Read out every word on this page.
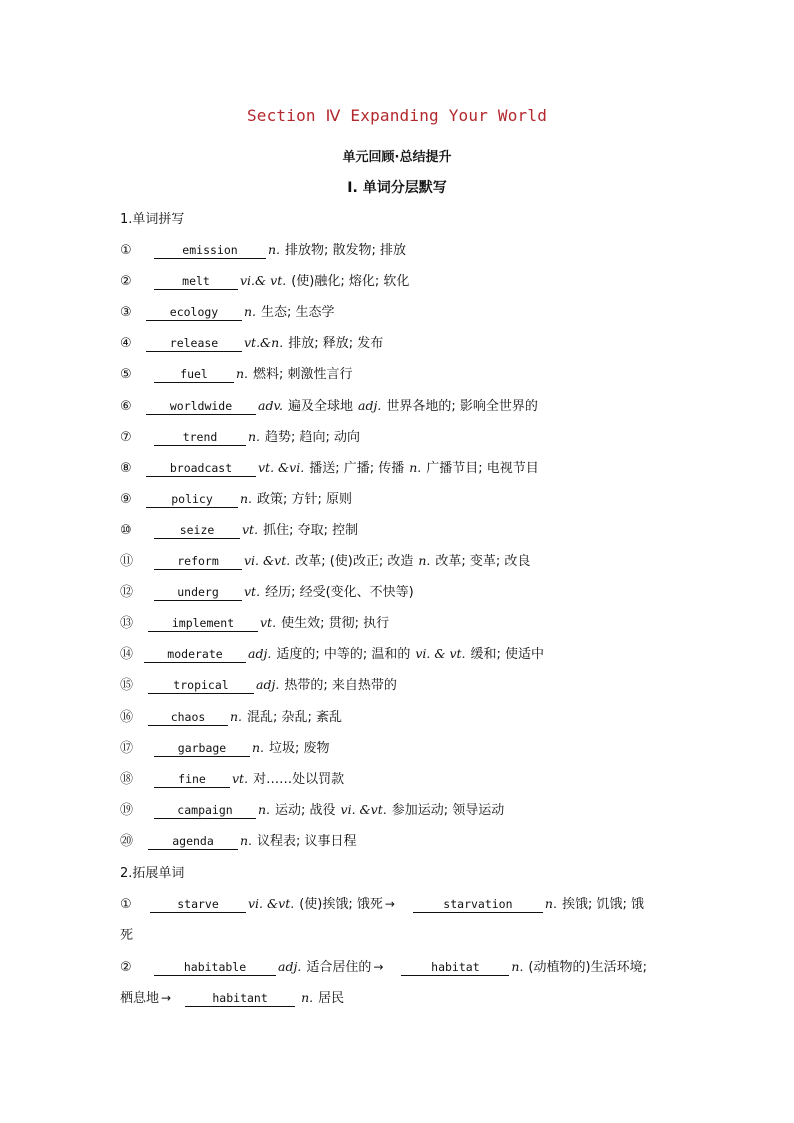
Section Ⅳ Expanding Your World
单元回顾·总结提升
Ⅰ. 单词分层默写
1.单词拼写
①	emission	n. 排放物; 散发物; 排放
②	melt	vi.& vt. (使)融化; 熔化; 软化
③	ecology	n. 生态; 生态学
④	release	vt.&n. 排放; 释放; 发布
⑤	fuel	n. 燃料; 刺激性言行
⑥	worldwide	adv. 遍及全球地 adj. 世界各地的; 影响全世界的
⑦	trend	n. 趋势; 趋向; 动向
⑧	broadcast	vt. &vi. 播送; 广播; 传播 n. 广播节目; 电视节目
⑨	policy	n. 政策; 方针; 原则
⑩	seize	vt. 抓住; 夺取; 控制
⑪	reform	vi. &vt. 改革; (使)改正; 改造 n. 改革; 变革; 改良
⑫	underg	vt. 经历; 经受(变化、不快等)
⑬	implement	vt. 使生效; 贯彻; 执行
⑭	moderate	adj. 适度的; 中等的; 温和的 vi. & vt. 缓和; 使适中
⑮	tropical	adj. 热带的; 来自热带的
⑯	chaos	n. 混乱; 杂乱; 紊乱
⑰	garbage	n. 垃圾; 废物
⑱	fine	vt. 对……处以罚款
⑲	campaign	n. 运动; 战役 vi. &vt. 参加运动; 领导运动
⑳	agenda	n. 议程表; 议事日程
2.拓展单词
①	starve	vi. &vt. (使)挨饿; 饿死 →	starvation	n. 挨饿; 饥饿; 饿
死
②	habitable	adj. 适合居住的 →	habitat	n. (动植物的)生活环境;
栖息地 →	habitant	n. 居民
